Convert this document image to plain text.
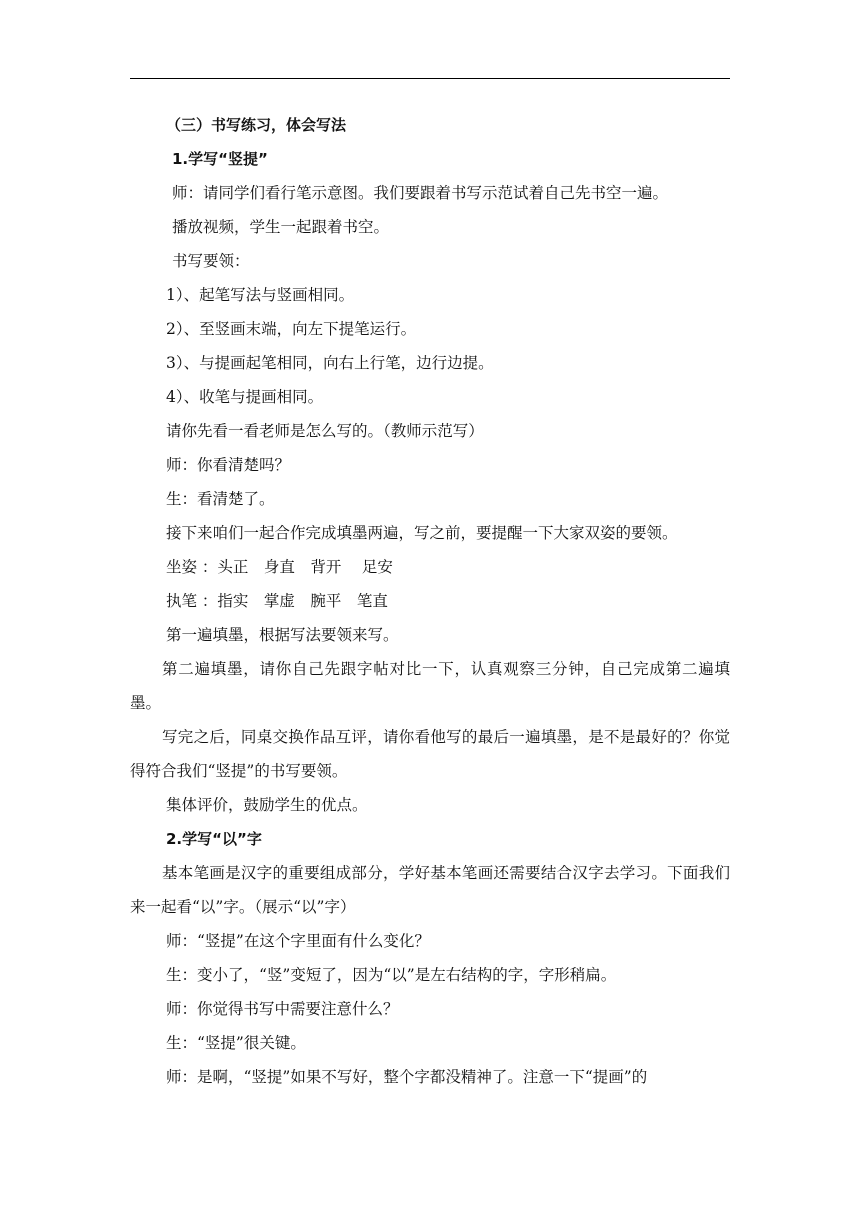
（三）书写练习，体会写法
1.学写“竖提”
师：请同学们看行笔示意图。我们要跟着书写示范试着自己先书空一遍。
播放视频，学生一起跟着书空。
书写要领：
1）、起笔写法与竖画相同。
2）、至竖画末端，向左下提笔运行。
3）、与提画起笔相同，向右上行笔，边行边提。
4）、收笔与提画相同。
请你先看一看老师是怎么写的。（教师示范写）
师：你看清楚吗？
生：看清楚了。
接下来咱们一起合作完成填墨两遍，写之前，要提醒一下大家双姿的要领。
坐姿 ：头正　身直　背开　 足安
执笔 ：指实　掌虚　腕平　笔直
第一遍填墨，根据写法要领来写。
第二遍填墨，请你自己先跟字帖对比一下，认真观察三分钟，自己完成第二遍填墨。
写完之后，同桌交换作品互评，请你看他写的最后一遍填墨，是不是最好的？你觉得符合我们“竖提”的书写要领。
集体评价，鼓励学生的优点。
2.学写“以”字
基本笔画是汉字的重要组成部分，学好基本笔画还需要结合汉字去学习。下面我们来一起看“以”字。（展示“以”字）
师：“竖提”在这个字里面有什么变化？
生：变小了，“竖”变短了，因为“以”是左右结构的字，字形稍扁。
师：你觉得书写中需要注意什么？
生：“竖提”很关键。
师：是啊，“竖提”如果不写好，整个字都没精神了。注意一下“提画”的
